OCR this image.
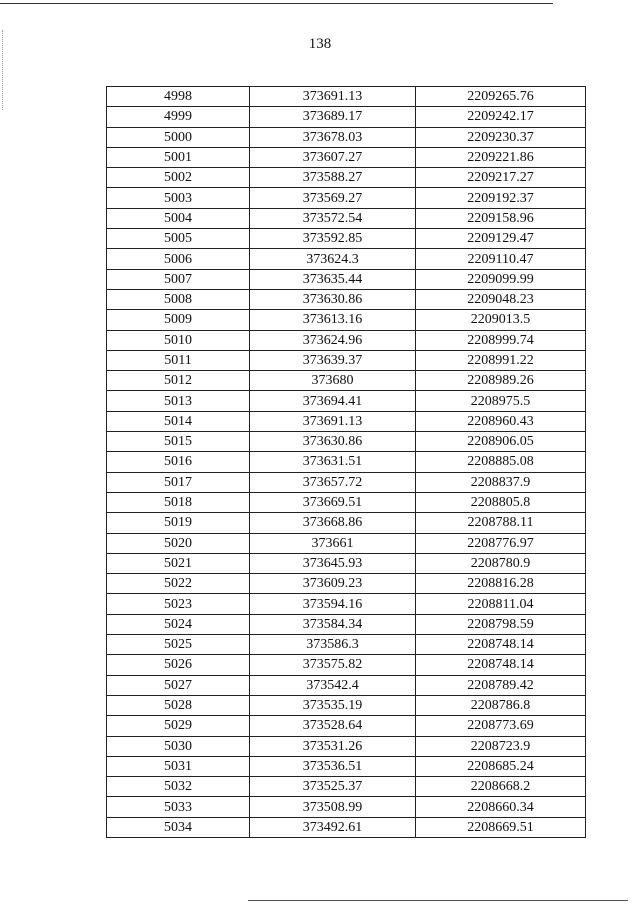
138
4998	373691.13	2209265.76
4999	373689.17	2209242.17
5000	373678.03	2209230.37
5001	373607.27	2209221.86
5002	373588.27	2209217.27
5003	373569.27	2209192.37
5004	373572.54	2209158.96
5005	373592.85	2209129.47
5006	373624.3	2209110.47
5007	373635.44	2209099.99
5008	373630.86	2209048.23
5009	373613.16	2209013.5
5010	373624.96	2208999.74
5011	373639.37	2208991.22
5012	373680	2208989.26
5013	373694.41	2208975.5
5014	373691.13	2208960.43
5015	373630.86	2208906.05
5016	373631.51	2208885.08
5017	373657.72	2208837.9
5018	373669.51	2208805.8
5019	373668.86	2208788.11
5020	373661	2208776.97
5021	373645.93	2208780.9
5022	373609.23	2208816.28
5023	373594.16	2208811.04
5024	373584.34	2208798.59
5025	373586.3	2208748.14
5026	373575.82	2208748.14
5027	373542.4	2208789.42
5028	373535.19	2208786.8
5029	373528.64	2208773.69
5030	373531.26	2208723.9
5031	373536.51	2208685.24
5032	373525.37	2208668.2
5033	373508.99	2208660.34
5034	373492.61	2208669.51
